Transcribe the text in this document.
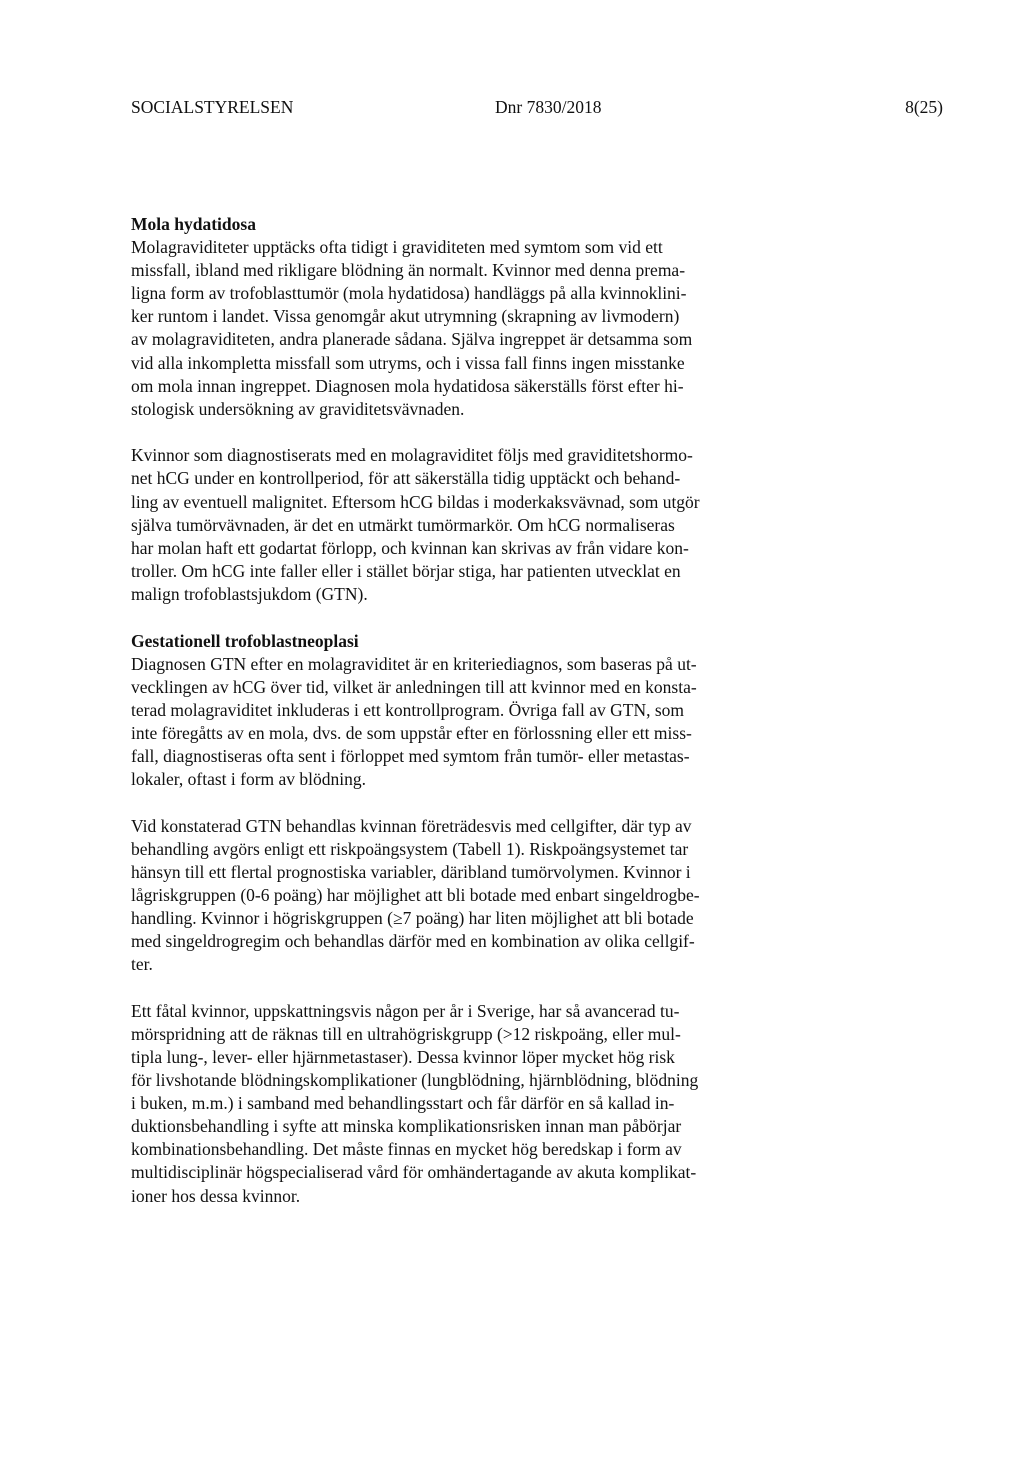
SOCIALSTYRELSEN	Dnr 7830/2018	8(25)
Mola hydatidosa
Molagraviditeter upptäcks ofta tidigt i graviditeten med symtom som vid ett
missfall, ibland med rikligare blödning än normalt. Kvinnor med denna prema-
ligna form av trofoblasttumör (mola hydatidosa) handläggs på alla kvinnoklini-
ker runtom i landet. Vissa genomgår akut utrymning (skrapning av livmodern)
av molagraviditeten, andra planerade sådana. Själva ingreppet är detsamma som
vid alla inkompletta missfall som utryms, och i vissa fall finns ingen misstanke
om mola innan ingreppet. Diagnosen mola hydatidosa säkerställs först efter hi-
stologisk undersökning av graviditetsvävnaden.
Kvinnor som diagnostiserats med en molagraviditet följs med graviditetshormo-
net hCG under en kontrollperiod, för att säkerställa tidig upptäckt och behand-
ling av eventuell malignitet. Eftersom hCG bildas i moderkaksvävnad, som utgör
själva tumörvävnaden, är det en utmärkt tumörmarkör. Om hCG normaliseras
har molan haft ett godartat förlopp, och kvinnan kan skrivas av från vidare kon-
troller. Om hCG inte faller eller i stället börjar stiga, har patienten utvecklat en
malign trofoblastsjukdom (GTN).
Gestationell trofoblastneoplasi
Diagnosen GTN efter en molagraviditet är en kriteriediagnos, som baseras på ut-
vecklingen av hCG över tid, vilket är anledningen till att kvinnor med en konsta-
terad molagraviditet inkluderas i ett kontrollprogram. Övriga fall av GTN, som
inte föregåtts av en mola, dvs. de som uppstår efter en förlossning eller ett miss-
fall, diagnostiseras ofta sent i förloppet med symtom från tumör- eller metastas-
lokaler, oftast i form av blödning.
Vid konstaterad GTN behandlas kvinnan företrädesvis med cellgifter, där typ av
behandling avgörs enligt ett riskpoängsystem (Tabell 1). Riskpoängsystemet tar
hänsyn till ett flertal prognostiska variabler, däribland tumörvolymen. Kvinnor i
lågriskgruppen (0-6 poäng) har möjlighet att bli botade med enbart singeldrogbe-
handling. Kvinnor i högriskgruppen (≥7 poäng) har liten möjlighet att bli botade
med singeldrogregim och behandlas därför med en kombination av olika cellgif-
ter.
Ett fåtal kvinnor, uppskattningsvis någon per år i Sverige, har så avancerad tu-
mörspridning att de räknas till en ultrahögriskgrupp (>12 riskpoäng, eller mul-
tipla lung-, lever- eller hjärnmetastaser). Dessa kvinnor löper mycket hög risk
för livshotande blödningskomplikationer (lungblödning, hjärnblödning, blödning
i buken, m.m.) i samband med behandlingsstart och får därför en så kallad in-
duktionsbehandling i syfte att minska komplikationsrisken innan man påbörjar
kombinationsbehandling. Det måste finnas en mycket hög beredskap i form av
multidisciplinär högspecialiserad vård för omhändertagande av akuta komplikat-
ioner hos dessa kvinnor.
